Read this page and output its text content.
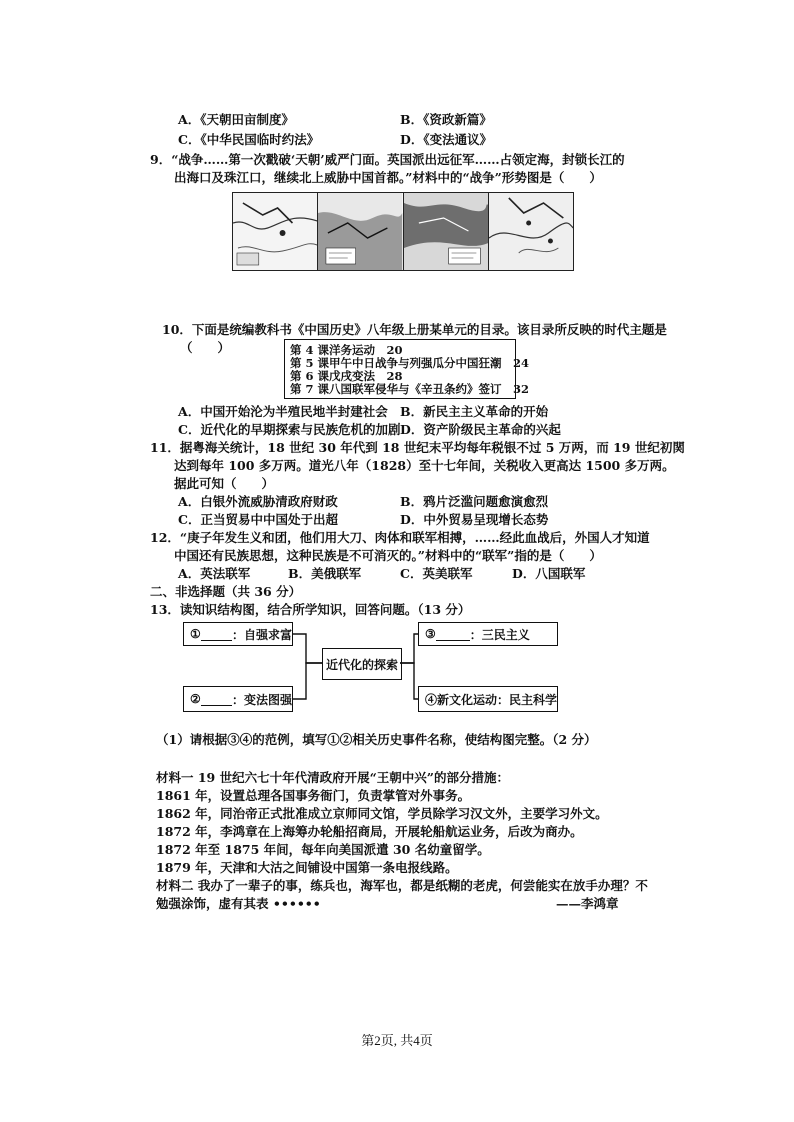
A．《天朝田亩制度》	B．《资政新篇》
C．《中华民国临时约法》	D．《变法通议》
9．“战争……第一次戳破‘天朝’威严门面。英国派出远征军……占领定海，封锁长江的
出海口及珠江口，继续北上威胁中国首都。”材料中的“战争”形势图是（　　）
10．下面是统编教科书《中国历史》八年级上册某单元的目录。该目录所反映的时代主题是
（　　）	第 4 课洋务运动　20
第 5 课甲午中日战争与列强瓜分中国狂潮　24
第 6 课戊戌变法　28
第 7 课八国联军侵华与《辛丑条约》签订　32
A．中国开始沦为半殖民地半封建社会 B．新民主主义革命的开始
C．近代化的早期探索与民族危机的加剧 D．资产阶级民主革命的兴起
11．据粤海关统计，18 世纪 30 年代到 18 世纪末平均每年税银不过 5 万两，而 19 世纪初関
达到每年 100 多万两。道光八年（1828）至十七年间，关税收入更高达 1500 多万两。
据此可知（　　）
A．白银外流威胁清政府财政	B．鸦片泛滥问题愈演愈烈
C．正当贸易中中国处于出超	D．中外贸易呈现增长态势
12．“庚子年发生义和团，他们用大刀、肉体和联军相搏，……经此血战后，外国人才知道
中国还有民族思想，这种民族是不可消灭的。”材料中的“联军”指的是（　　）
A．英法联军	B．美俄联军	C．英美联军	D．八国联军
二、非选择题（共 36 分）
13．读知识结构图，结合所学知识，回答问题。（13 分）
①	：自强求富
②	：变法图强
近代化的探索
③	：三民主义
④新文化运动：民主科学
（1）请根据③④的范例，填写①②相关历史事件名称，使结构图完整。（2 分）
材料一 19 世纪六七十年代清政府开展“王朝中兴”的部分措施：
1861 年，设置总理各国事务衙门，负责掌管对外事务。
1862 年，同治帝正式批准成立京师同文馆，学员除学习汉文外，主要学习外文。
1872 年，李鸿章在上海筹办轮船招商局，开展轮船航运业务，后改为商办。
1872 年至 1875 年间，每年向美国派遣 30 名幼童留学。
1879 年，天津和大沽之间铺设中国第一条电报线路。
材料二 我办了一辈子的事，练兵也，海军也，都是纸糊的老虎，何尝能实在放手办理？不
勉强涂饰，虚有其表 ••••••	——李鸿章
第2页, 共4页
